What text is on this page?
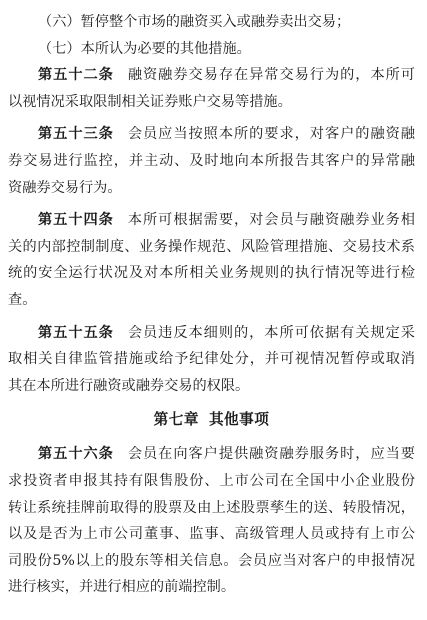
（六）暂停整个市场的融资买入或融券卖出交易；
（七）本所认为必要的其他措施。
第五十二条 融资融券交易存在异常交易行为的，本所可
以视情况采取限制相关证券账户交易等措施。
第五十三条 会员应当按照本所的要求，对客户的融资融
券交易进行监控，并主动、及时地向本所报告其客户的异常融
资融券交易行为。
第五十四条 本所可根据需要，对会员与融资融券业务相
关的内部控制制度、业务操作规范、风险管理措施、交易技术系
统的安全运行状况及对本所相关业务规则的执行情况等进行检
查。
第五十五条 会员违反本细则的，本所可依据有关规定采
取相关自律监管措施或给予纪律处分，并可视情况暂停或取消
其在本所进行融资或融券交易的权限。
第七章 其他事项
第五十六条 会员在向客户提供融资融券服务时，应当要
求投资者申报其持有限售股份、上市公司在全国中小企业股份
转让系统挂牌前取得的股票及由上述股票孳生的送、转股情况，
以及是否为上市公司董事、监事、高级管理人员或持有上市公
司股份5%以上的股东等相关信息。会员应当对客户的申报情况
进行核实，并进行相应的前端控制。
